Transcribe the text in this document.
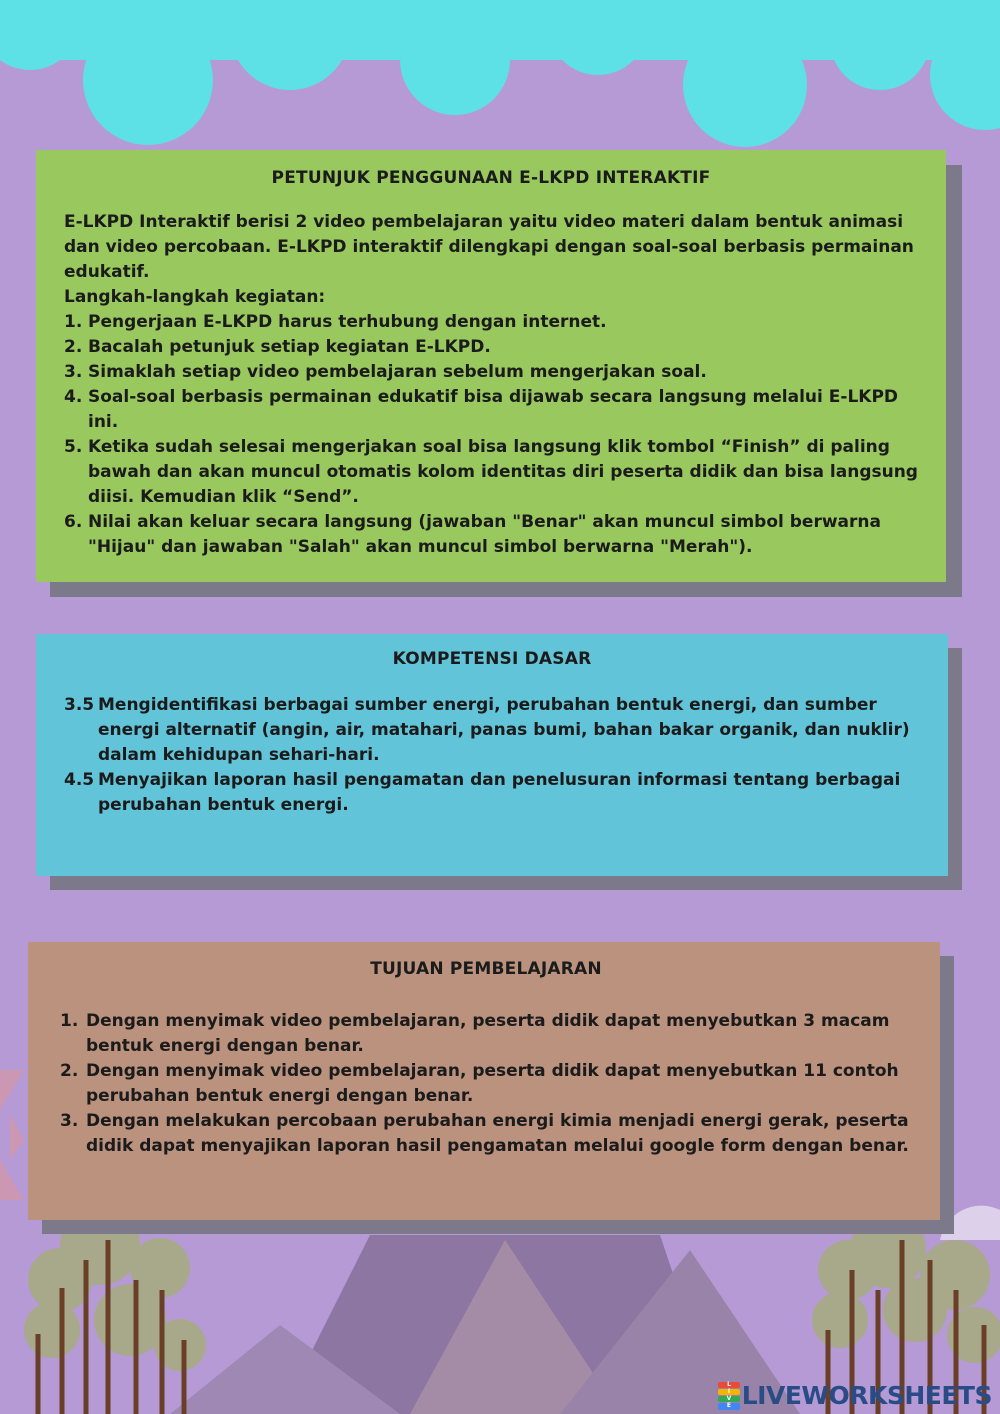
PETUNJUK PENGGUNAAN E-LKPD INTERAKTIF

E-LKPD Interaktif berisi 2 video pembelajaran yaitu video materi dalam bentuk animasi dan video percobaan. E-LKPD interaktif dilengkapi dengan soal-soal berbasis permainan edukatif.

Langkah-langkah kegiatan:

1. Pengerjaan E-LKPD harus terhubung dengan internet.
2. Bacalah petunjuk setiap kegiatan E-LKPD.
3. Simaklah setiap video pembelajaran sebelum mengerjakan soal.
4. Soal-soal berbasis permainan edukatif bisa dijawab secara langsung melalui E-LKPD ini.
5. Ketika sudah selesai mengerjakan soal bisa langsung klik tombol “Finish” di paling bawah dan akan muncul otomatis kolom identitas diri peserta didik dan bisa langsung diisi. Kemudian klik “Send”.
6. Nilai akan keluar secara langsung (jawaban "Benar" akan muncul simbol berwarna "Hijau" dan jawaban "Salah" akan muncul simbol berwarna "Merah").
KOMPETENSI DASAR
3.5 Mengidentifikasi berbagai sumber energi, perubahan bentuk energi, dan sumber energi alternatif (angin, air, matahari, panas bumi, bahan bakar organik, dan nuklir) dalam kehidupan sehari-hari.
4.5 Menyajikan laporan hasil pengamatan dan penelusuran informasi tentang berbagai perubahan bentuk energi.
TUJUAN PEMBELAJARAN
1. Dengan menyimak video pembelajaran, peserta didik dapat menyebutkan 3 macam bentuk energi dengan benar.
2. Dengan menyimak video pembelajaran, peserta didik dapat menyebutkan 11 contoh perubahan bentuk energi dengan benar.
3. Dengan melakukan percobaan perubahan energi kimia menjadi energi gerak, peserta didik dapat menyajikan laporan hasil pengamatan melalui google form dengan benar.
L
I
V
E LIVEWORKSHEETS
